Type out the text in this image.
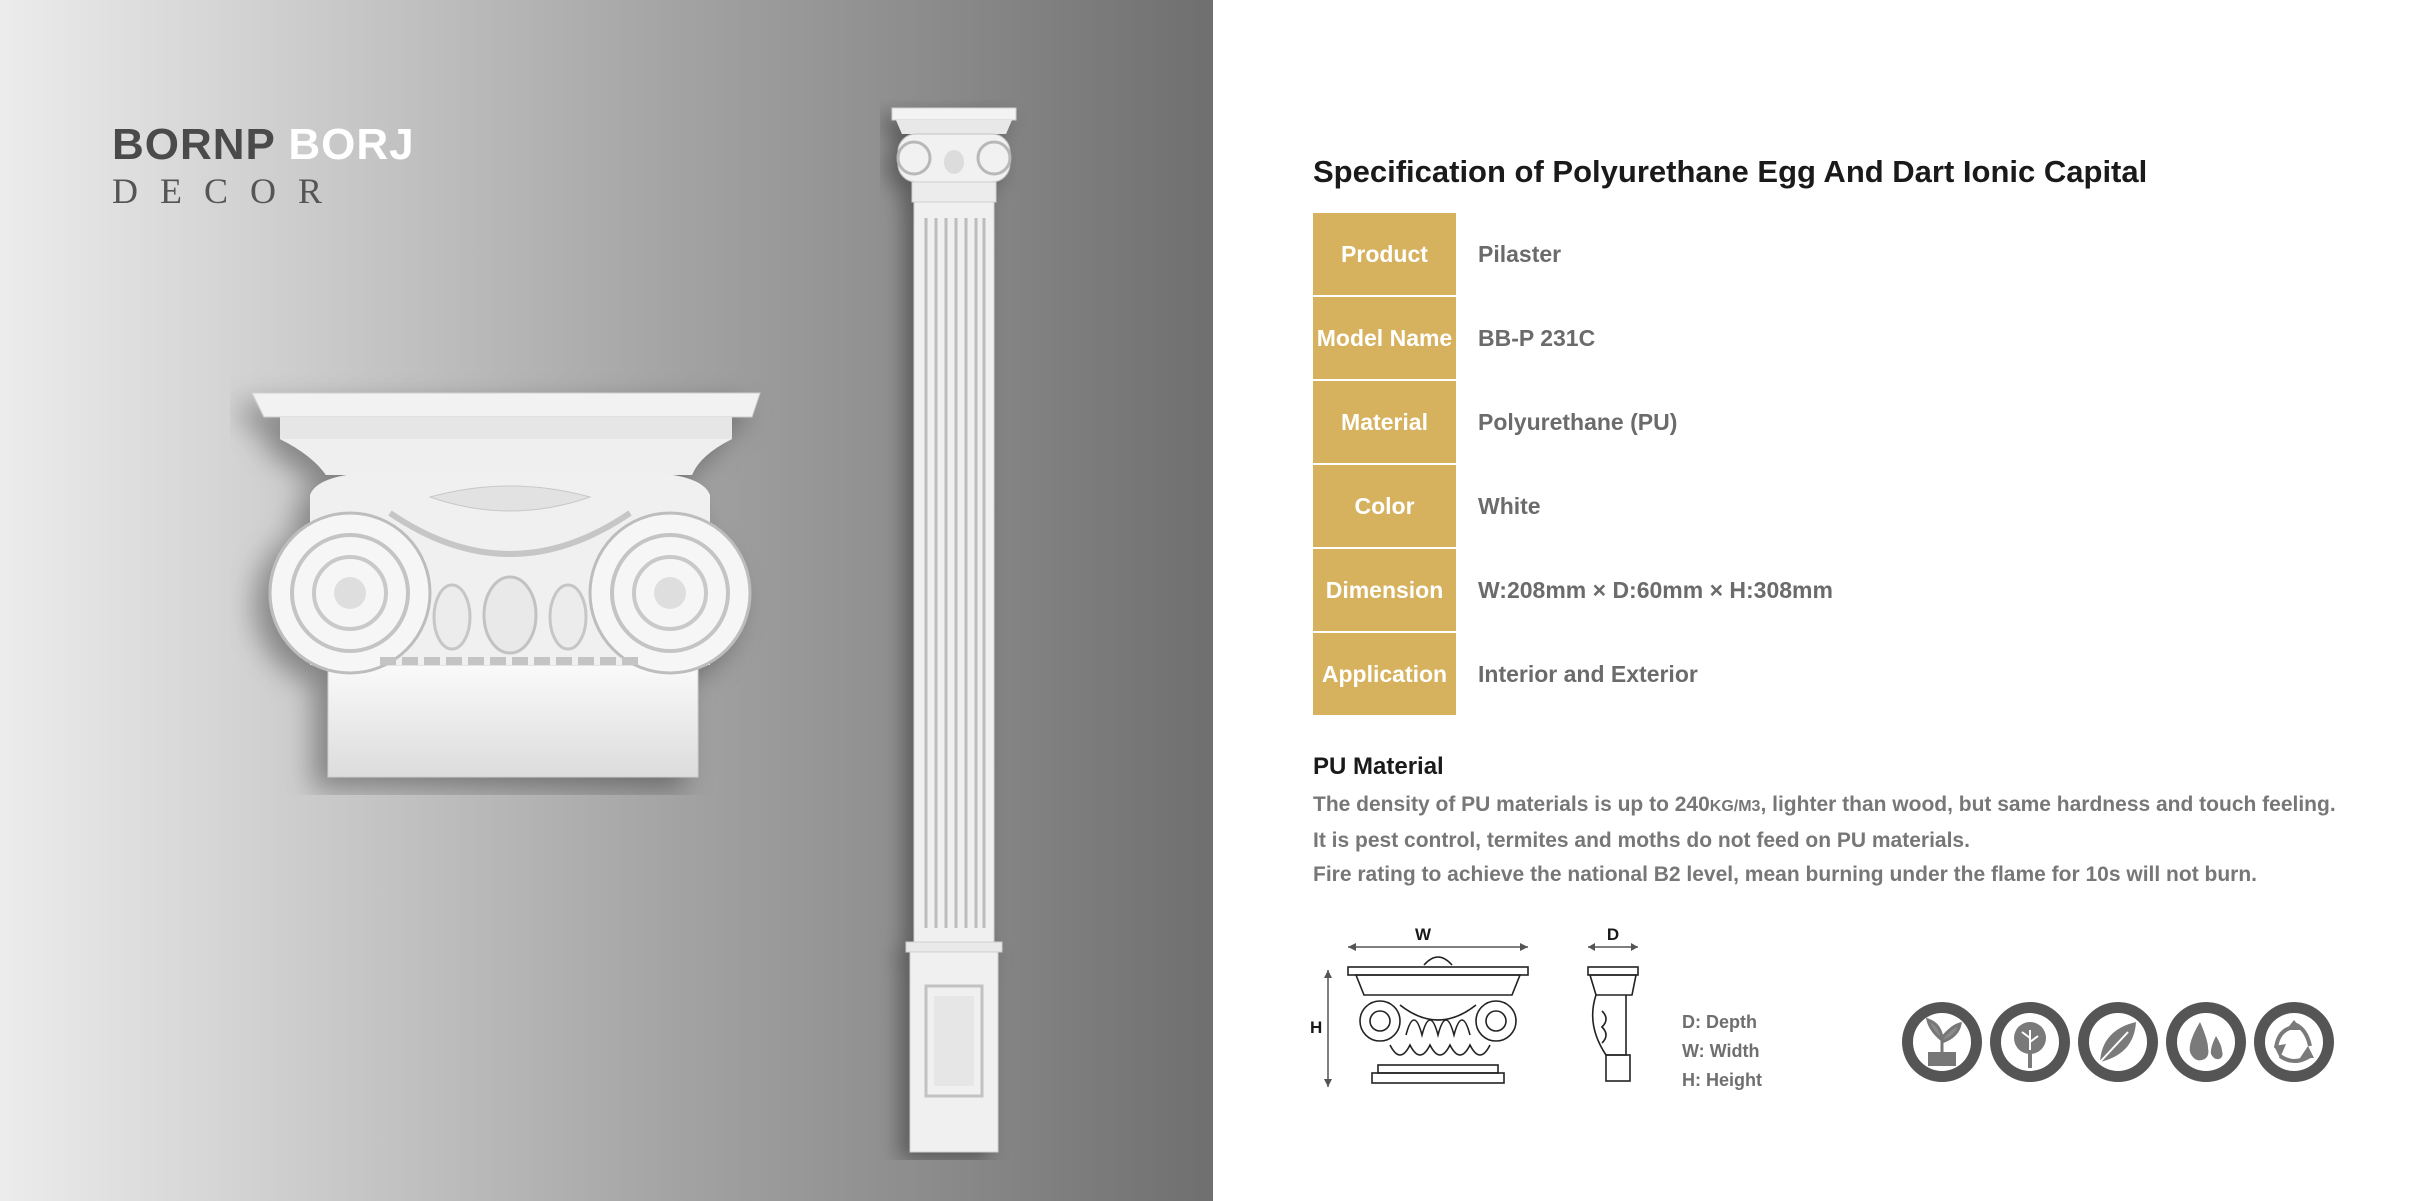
BORNP BORJ
DECOR	Specification of Polyurethane Egg And Dart Ionic Capital
Product	Pilaster
Model Name	BB-P 231C
Material	Polyurethane (PU)
Color	White
Dimension	W:208mm × D:60mm × H:308mm
Application	Interior and Exterior
PU Material

The density of PU materials is up to 240KG/M3, lighter than wood, but same hardness and touch feeling.

It is pest control, termites and moths do not feed on PU materials.

Fire rating to achieve the national B2 level, mean burning under the flame for 10s will not burn.

W	D
H	D: Depth
W: Width
H: Height
